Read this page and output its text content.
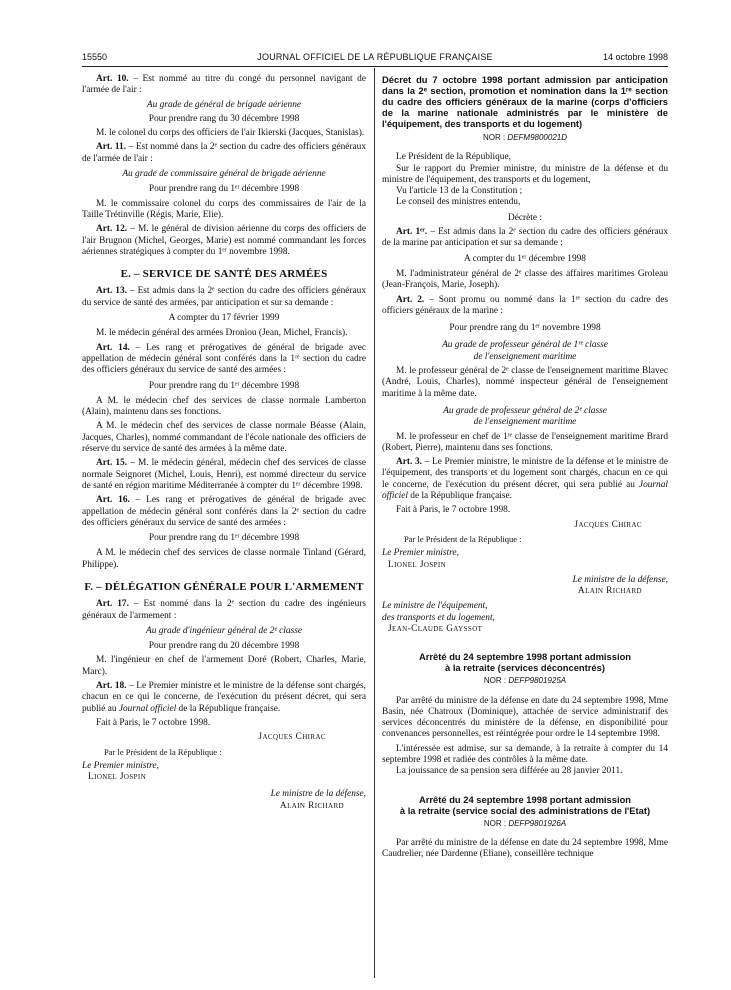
15550	JOURNAL OFFICIEL DE LA RÉPUBLIQUE FRANÇAISE	14 octobre 1998

Art. 10. – Est nommé au titre du congé du personnel navigant de l'armée de l'air :

Au grade de général de brigade aérienne

Pour prendre rang du 30 décembre 1998

M. le colonel du corps des officiers de l'air Ikierski (Jacques, Stanislas).

Art. 11. – Est nommé dans la 2ᵉ section du cadre des officiers généraux de l'armée de l'air :

Au grade de commissaire général de brigade aérienne

Pour prendre rang du 1ᵉʳ décembre 1998

M. le commissaire colonel du corps des commissaires de l'air de la Taille Trétinville (Régis, Marie, Elie).

Art. 12. – M. le général de division aérienne du corps des officiers de l'air Brugnon (Michel, Georges, Marie) est nommé commandant les forces aériennes stratégiques à compter du 1ᵉʳ novembre 1998.

E. – SERVICE DE SANTÉ DES ARMÉES

Art. 13. – Est admis dans la 2ᵉ section du cadre des officiers généraux du service de santé des armées, par anticipation et sur sa demande :

A compter du 17 février 1999

M. le médecin général des armées Droniou (Jean, Michel, Francis).

Art. 14. – Les rang et prérogatives de général de brigade avec appellation de médecin général sont conférés dans la 1ʳᵉ section du cadre des officiers généraux du service de santé des armées :

Pour prendre rang du 1ᵉʳ décembre 1998

A M. le médecin chef des services de classe normale Lamberton (Alain), maintenu dans ses fonctions.

A M. le médecin chef des services de classe normale Béasse (Alain, Jacques, Charles), nommé commandant de l'école nationale des officiers de réserve du service de santé des armées à la même date.

Art. 15. – M. le médecin général, médecin chef des services de classe normale Seignoret (Michel, Louis, Henri), est nommé directeur du service de santé en région maritime Méditerranée à compter du 1ᵉʳ décembre 1998.

Art. 16. – Les rang et prérogatives de général de brigade avec appellation de médecin général sont conférés dans la 2ᵉ section du cadre des officiers généraux du service de santé des armées :

Pour prendre rang du 1ᵉʳ décembre 1998

A M. le médecin chef des services de classe normale Tinland (Gérard, Philippe).

F. – DÉLÉGATION GÉNÉRALE POUR L'ARMEMENT

Art. 17. – Est nommé dans la 2ᵉ section du cadre des ingénieurs généraux de l'armement :

Au grade d'ingénieur général de 2ᵉ classe

Pour prendre rang du 20 décembre 1998

M. l'ingénieur en chef de l'armement Doré (Robert, Charles, Marie, Marc).

Art. 18. – Le Premier ministre et le ministre de la défense sont chargés, chacun en ce qui le concerne, de l'exécution du présent décret, qui sera publié au Journal officiel de la République française.

Fait à Paris, le 7 octobre 1998.

Jacques Chirac

Par le Président de la République :

Le Premier ministre,

Lionel Jospin

Le ministre de la défense,

Alain Richard

Décret du 7 octobre 1998 portant admission par anticipation dans la 2ᵉ section, promotion et nomination dans la 1ʳᵉ section du cadre des officiers généraux de la marine (corps d'officiers de la marine nationale administrés par le ministère de l'équipement, des transports et du logement)

NOR : DEFM9800021D

Le Président de la République,

Sur le rapport du Premier ministre, du ministre de la défense et du ministre de l'équipement, des transports et du logement,

Vu l'article 13 de la Constitution ;

Le conseil des ministres entendu,

Décrète :

Art. 1ᵉʳ. – Est admis dans la 2ᵉ section du cadre des officiers généraux de la marine par anticipation et sur sa demande :

A compter du 1ᵉʳ décembre 1998

M. l'administrateur général de 2ᵉ classe des affaires maritimes Groleau (Jean-François, Marie, Joseph).

Art. 2. – Sont promu ou nommé dans la 1ʳᵉ section du cadre des officiers généraux de la marine :

Pour prendre rang du 1ᵉʳ novembre 1998

Au grade de professeur général de 1ʳᵉ classe

de l'enseignement maritime

M. le professeur général de 2ᵉ classe de l'enseignement maritime Blavec (André, Louis, Charles), nommé inspecteur général de l'enseignement maritime à la même date.

Au grade de professeur général de 2ᵉ classe

de l'enseignement maritime

M. le professeur en chef de 1ʳᵉ classe de l'enseignement maritime Brard (Robert, Pierre), maintenu dans ses fonctions.

Art. 3. – Le Premier ministre, le ministre de la défense et le ministre de l'équipement, des transports et du logement sont chargés, chacun en ce qui le concerne, de l'exécution du présent décret, qui sera publié au Journal officiel de la République française.

Fait à Paris, le 7 octobre 1998.

Jacques Chirac

Par le Président de la République :

Le Premier ministre,

Lionel Jospin

Le ministre de la défense,

Alain Richard

Le ministre de l'équipement,

des transports et du logement,

Jean-Claude Gayssot

Arrêté du 24 septembre 1998 portant admission
à la retraite (services déconcentrés)

NOR : DEFP9801925A

Par arrêté du ministre de la défense en date du 24 septembre 1998, Mme Basin, née Chatroux (Dominique), attachée de service administratif des services déconcentrés du ministère de la défense, en disponibilité pour convenances personnelles, est réintégrée pour ordre le 14 septembre 1998.

L'intéressée est admise, sur sa demande, à la retraite à compter du 14 septembre 1998 et radiée des contrôles à la même date.

La jouissance de sa pension sera différée au 28 janvier 2011.

Arrêté du 24 septembre 1998 portant admission
à la retraite (service social des administrations de l'Etat)

NOR : DEFP9801926A

Par arrêté du ministre de la défense en date du 24 septembre 1998, Mme Caudrelier, née Dardenne (Eliane), conseillère technique
